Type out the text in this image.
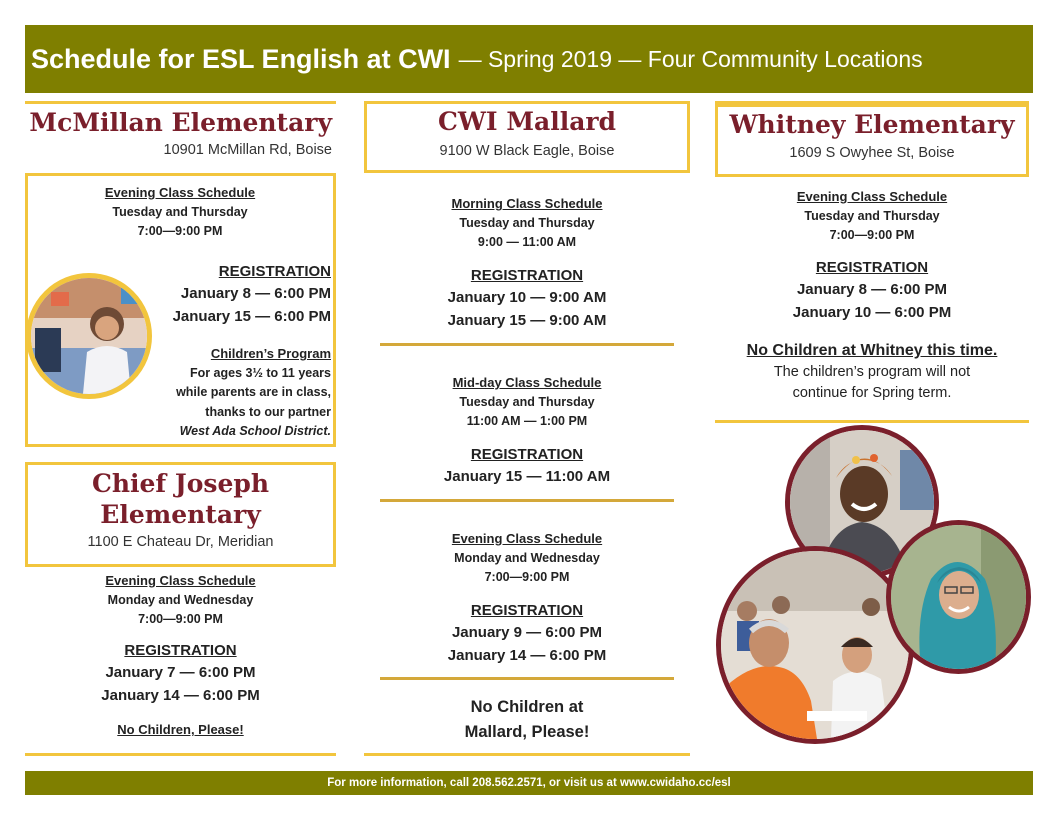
Schedule for ESL English at CWI — Spring 2019 — Four Community Locations
McMillan Elementary
10901 McMillan Rd, Boise
Evening Class Schedule
Tuesday and Thursday
7:00—9:00 PM
REGISTRATION
January 8 — 6:00 PM
January 15 — 6:00 PM
Children’s Program
For ages 3½ to 11 years
while parents are in class,
thanks to our partner
West Ada School District.
Chief Joseph
Elementary
1100 E Chateau Dr, Meridian
Evening Class Schedule
Monday and Wednesday
7:00—9:00 PM
REGISTRATION
January 7 — 6:00 PM
January 14 — 6:00 PM
No Children, Please!
CWI Mallard
9100 W Black Eagle, Boise
Morning Class Schedule
Tuesday and Thursday
9:00 — 11:00 AM
REGISTRATION
January 10 — 9:00 AM
January 15 — 9:00 AM
Mid-day Class Schedule
Tuesday and Thursday
11:00 AM — 1:00 PM
REGISTRATION
January 15 — 11:00 AM
Evening Class Schedule
Monday and Wednesday
7:00—9:00 PM
REGISTRATION
January 9 — 6:00 PM
January 14 — 6:00 PM
No Children at
Mallard, Please!
Whitney Elementary
1609 S Owyhee St, Boise
Evening Class Schedule
Tuesday and Thursday
7:00—9:00 PM
REGISTRATION
January 8 — 6:00 PM
January 10 — 6:00 PM
No Children at Whitney this time.
The children’s program will not
continue for Spring term.
For more information, call 208.562.2571, or visit us at www.cwidaho.cc/esl
